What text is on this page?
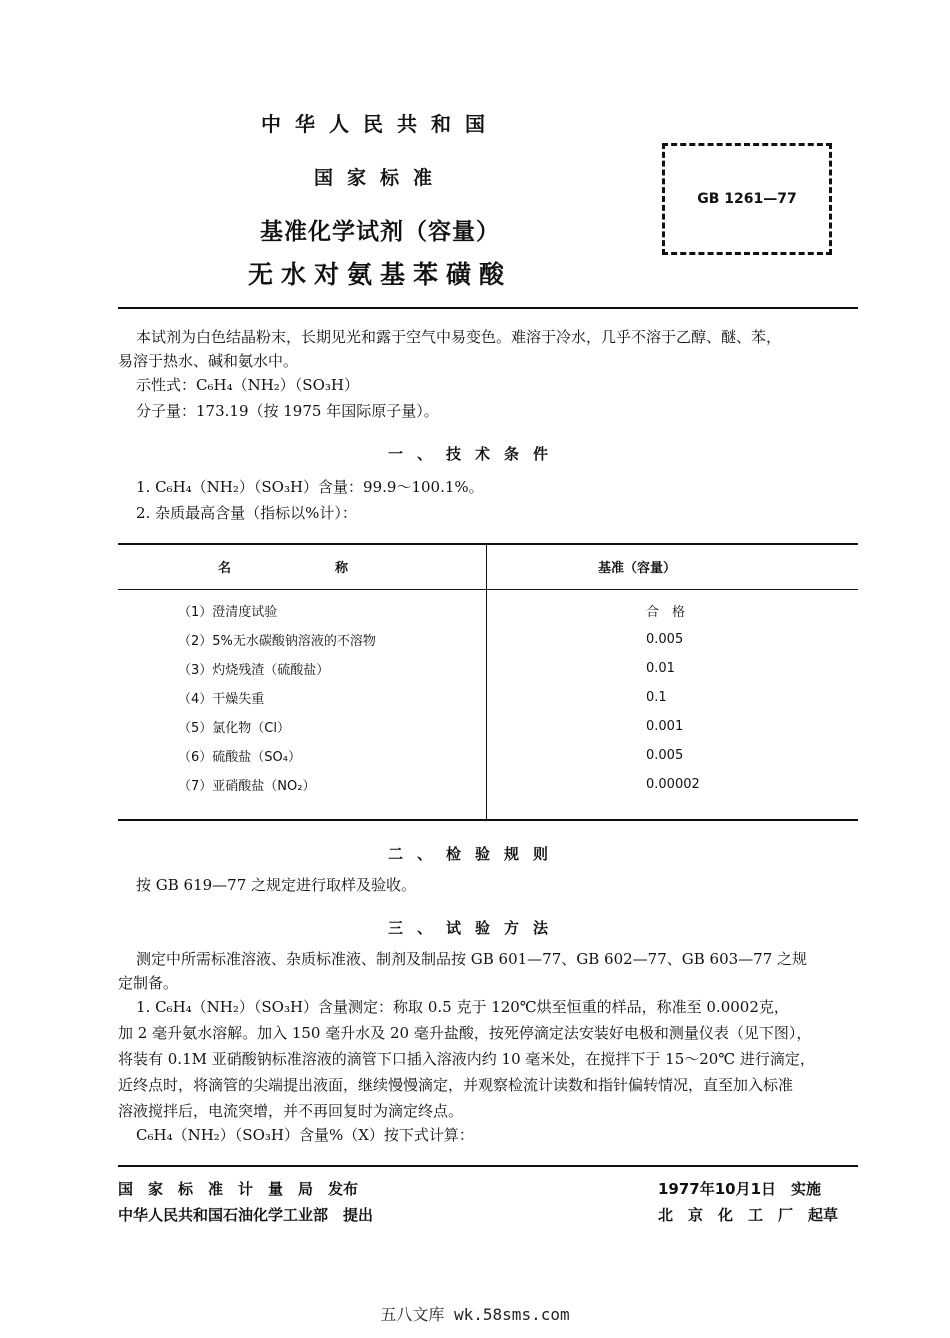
中华人民共和国
国家标准
基准化学试剂（容量）
无水对氨基苯磺酸
GB 1261—77
本试剂为白色结晶粉末，长期见光和露于空气中易变色。难溶于冷水，几乎不溶于乙醇、醚、苯，
易溶于热水、碱和氨水中。
示性式：C₆H₄（NH₂）（SO₃H）
分子量：173.19（按 1975 年国际原子量）。
一、技术条件
1. C₆H₄（NH₂）（SO₃H）含量：99.9～100.1%。
2. 杂质最高含量（指标以%计）：
名　　　　　　　　称	基准（容量）
（1）澄清度试验	合　格
（2）5%无水碳酸钠溶液的不溶物	0.005
（3）灼烧残渣（硫酸盐）	0.01
（4）干燥失重	0.1
（5）氯化物（Cl）	0.001
（6）硫酸盐（SO₄）	0.005
（7）亚硝酸盐（NO₂）	0.00002
二、检验规则
按 GB 619—77 之规定进行取样及验收。
三、试验方法
测定中所需标准溶液、杂质标准液、制剂及制品按 GB 601—77、GB 602—77、GB 603—77 之规
定制备。
1. C₆H₄（NH₂）（SO₃H）含量测定：称取 0.5 克于 120℃烘至恒重的样品，称准至 0.0002克，
加 2 毫升氨水溶解。加入 150 毫升水及 20 毫升盐酸，按死停滴定法安装好电极和测量仪表（见下图），
将装有 0.1M 亚硝酸钠标准溶液的滴管下口插入溶液内约 10 毫米处，在搅拌下于 15～20℃ 进行滴定，
近终点时，将滴管的尖端提出液面，继续慢慢滴定，并观察检流计读数和指针偏转情况，直至加入标准
溶液搅拌后，电流突增，并不再回复时为滴定终点。
C₆H₄（NH₂）（SO₃H）含量%（X）按下式计算：
国　家　标　准　计　量　局　发布
中华人民共和国石油化学工业部　提出
1977年10月1日　实施
北　京　化　工　厂　起草
五八文库 wk.58sms.com
